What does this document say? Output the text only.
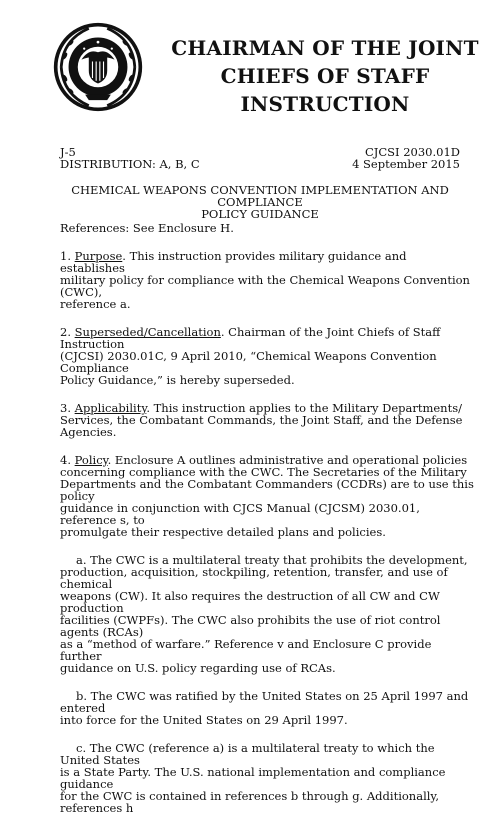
CHAIRMAN OF THE JOINT
CHIEFS OF STAFF
INSTRUCTION
J-5	CJCSI 2030.01D
DISTRIBUTION: A, B, C	4 September 2015
CHEMICAL WEAPONS CONVENTION IMPLEMENTATION AND COMPLIANCE
POLICY GUIDANCE
References: See Enclosure H.
1. Purpose. This instruction provides military guidance and establishes
military policy for compliance with the Chemical Weapons Convention (CWC),
reference a.
2. Superseded/Cancellation. Chairman of the Joint Chiefs of Staff Instruction
(CJCSI) 2030.01C, 9 April 2010, “Chemical Weapons Convention Compliance
Policy Guidance,” is hereby superseded.
3. Applicability. This instruction applies to the Military Departments/
Services, the Combatant Commands, the Joint Staff, and the Defense Agencies.
4. Policy. Enclosure A outlines administrative and operational policies
concerning compliance with the CWC. The Secretaries of the Military
Departments and the Combatant Commanders (CCDRs) are to use this policy
guidance in conjunction with CJCS Manual (CJCSM) 2030.01, reference s, to
promulgate their respective detailed plans and policies.
a. The CWC is a multilateral treaty that prohibits the development,
production, acquisition, stockpiling, retention, transfer, and use of chemical
weapons (CW). It also requires the destruction of all CW and CW production
facilities (CWPFs). The CWC also prohibits the use of riot control agents (RCAs)
as a “method of warfare.” Reference v and Enclosure C provide further
guidance on U.S. policy regarding use of RCAs.
b. The CWC was ratified by the United States on 25 April 1997 and entered
into force for the United States on 29 April 1997.
c. The CWC (reference a) is a multilateral treaty to which the United States
is a State Party. The U.S. national implementation and compliance guidance
for the CWC is contained in references b through g. Additionally, references h
